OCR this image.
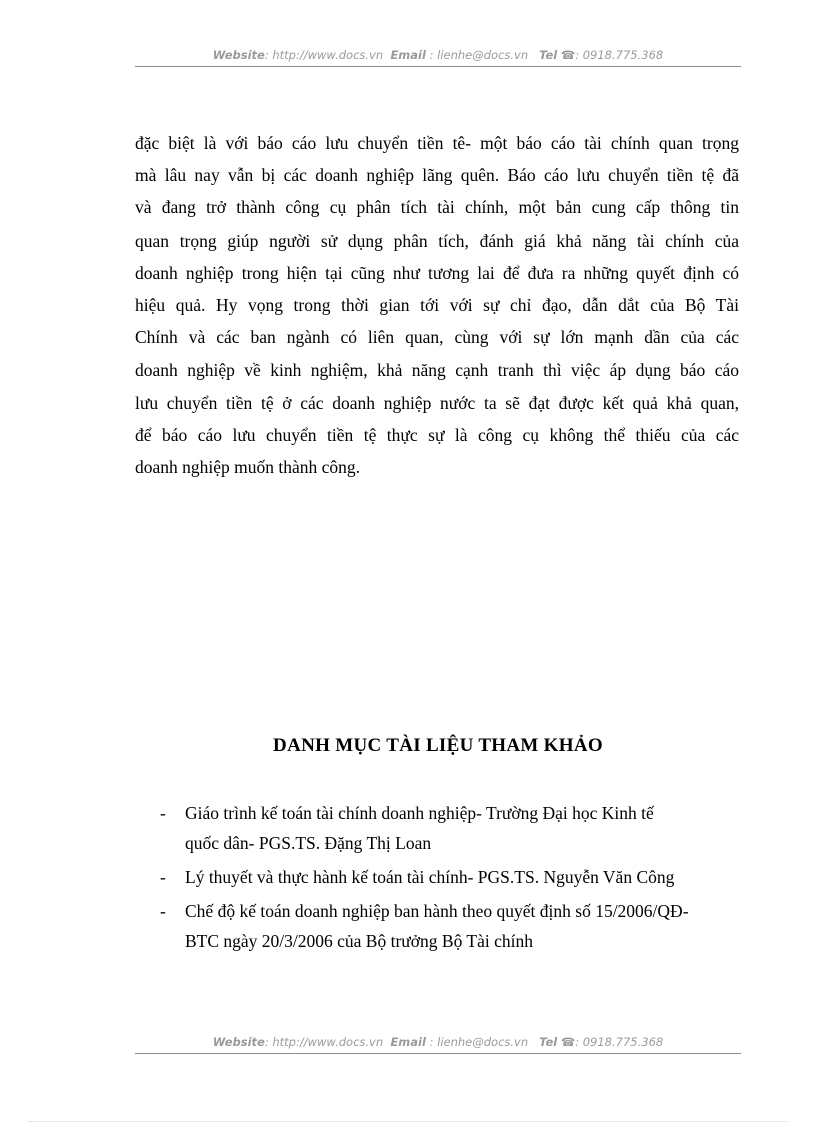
Website: http://www.docs.vn Email : lienhe@docs.vn Tel ☎: 0918.775.368
đặc biệt là với báo cáo lưu chuyển tiền tê- một báo cáo tài chính quan trọng
mà lâu nay vẫn bị các doanh nghiệp lãng quên. Báo cáo lưu chuyển tiền tệ đã
và đang trở thành công cụ phân tích tài chính, một bản cung cấp thông tin
quan trọng giúp người sử dụng phân tích, đánh giá khả năng tài chính của
doanh nghiệp trong hiện tại cũng như tương lai để đưa ra những quyết định có
hiệu quả. Hy vọng trong thời gian tới với sự chỉ đạo, dẫn dắt của Bộ Tài
Chính và các ban ngành có liên quan, cùng với sự lớn mạnh dần của các
doanh nghiệp về kinh nghiệm, khả năng cạnh tranh thì việc áp dụng báo cáo
lưu chuyển tiền tệ ở các doanh nghiệp nước ta sẽ đạt được kết quả khả quan,
để báo cáo lưu chuyển tiền tệ thực sự là công cụ không thể thiếu của các
doanh nghiệp muốn thành công.
DANH MỤC TÀI LIỆU THAM KHẢO
- Giáo trình kế toán tài chính doanh nghiệp- Trường Đại học Kinh tế
quốc dân- PGS.TS. Đặng Thị Loan
- Lý thuyết và thực hành kế toán tài chính- PGS.TS. Nguyễn Văn Công
- Chế độ kế toán doanh nghiệp ban hành theo quyết định số 15/2006/QĐ-
BTC ngày 20/3/2006 của Bộ trưởng Bộ Tài chính
Website: http://www.docs.vn Email : lienhe@docs.vn Tel ☎: 0918.775.368
